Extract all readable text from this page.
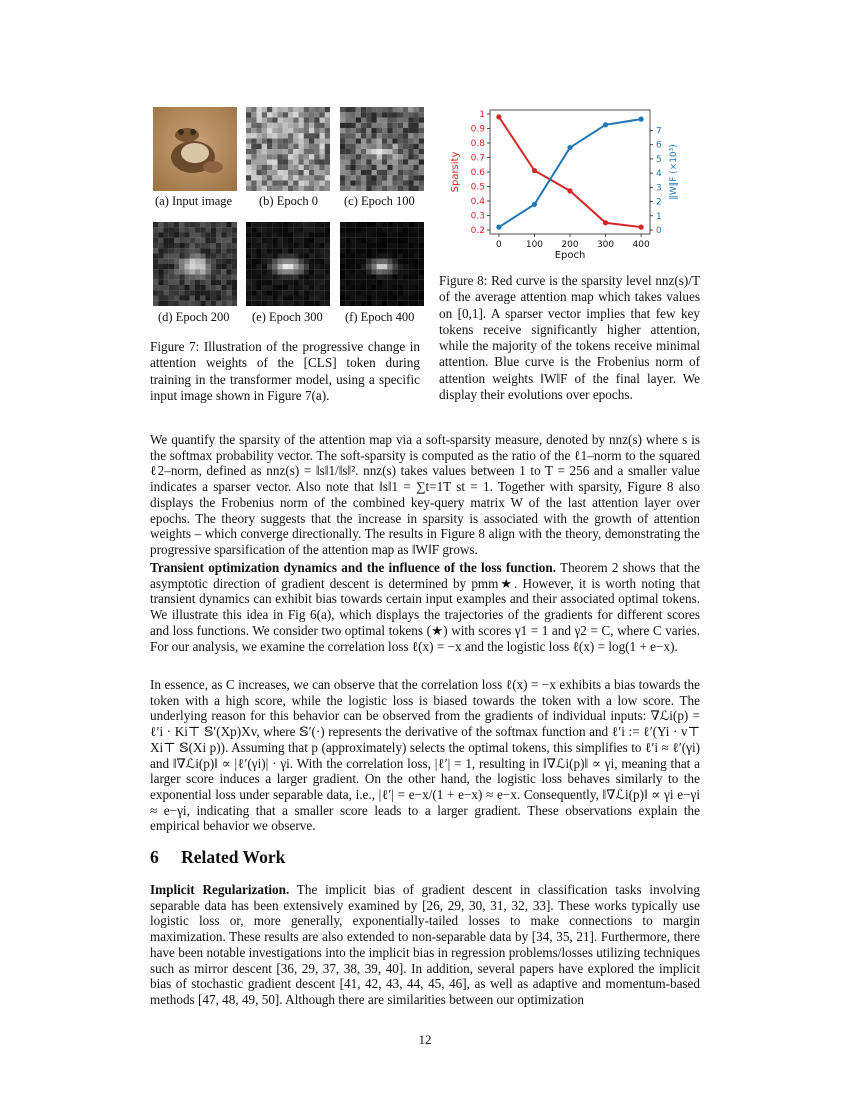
(a) Input image (b) Epoch 0 (c) Epoch 100
(d) Epoch 200 (e) Epoch 300 (f) Epoch 400
Figure 7: Illustration of the progressive change in attention weights of the [CLS] token during training in the transformer model, using a specific input image shown in Figure 7(a).
0	100 200 300 400
0.2
0.3
0.4
0.5
0.6
0.7
0.8
0.9
1
0
1
2
3
4
5
6
7
Sparsity	‖W‖F (×10³)
Epoch
Figure 8: Red curve is the sparsity level nnz(s)/T of the average attention map which takes values on [0,1]. A sparser vector implies that few key tokens receive significantly higher attention, while the majority of the tokens receive minimal attention. Blue curve is the Frobenius norm of attention weights ‖W‖F of the final layer. We display their evolutions over epochs.
We quantify the sparsity of the attention map via a soft-sparsity measure, denoted by nnz(s) where s is the softmax probability vector. The soft-sparsity is computed as the ratio of the ℓ1–norm to the squared ℓ2–norm, defined as nnz(s) = ‖s‖1/‖s‖². nnz(s) takes values between 1 to T = 256 and a smaller value indicates a sparser vector. Also note that ‖s‖1 = ∑t=1T st = 1. Together with sparsity, Figure 8 also displays the Frobenius norm of the combined key-query matrix W of the last attention layer over epochs. The theory suggests that the increase in sparsity is associated with the growth of attention weights – which converge directionally. The results in Figure 8 align with the theory, demonstrating the progressive sparsification of the attention map as ‖W‖F grows.
Transient optimization dynamics and the influence of the loss function. Theorem 2 shows that the asymptotic direction of gradient descent is determined by pmm★. However, it is worth noting that transient dynamics can exhibit bias towards certain input examples and their associated optimal tokens. We illustrate this idea in Fig 6(a), which displays the trajectories of the gradients for different scores and loss functions. We consider two optimal tokens (★) with scores γ1 = 1 and γ2 = C, where C varies. For our analysis, we examine the correlation loss ℓ(x) = −x and the logistic loss ℓ(x) = log(1 + e−x).
In essence, as C increases, we can observe that the correlation loss ℓ(x) = −x exhibits a bias towards the token with a high score, while the logistic loss is biased towards the token with a low score. The underlying reason for this behavior can be observed from the gradients of individual inputs: ∇ℒi(p) = ℓ′i · Ki⊤ 𝕊′(Xp)Xv, where 𝕊′(·) represents the derivative of the softmax function and ℓ′i := ℓ′(Yi · v⊤ Xi⊤ 𝕊(Xi p)). Assuming that p (approximately) selects the optimal tokens, this simplifies to ℓ′i ≈ ℓ′(γi) and ‖∇ℒi(p)‖ ∝ |ℓ′(γi)| · γi. With the correlation loss, |ℓ′| = 1, resulting in ‖∇ℒi(p)‖ ∝ γi, meaning that a larger score induces a larger gradient. On the other hand, the logistic loss behaves similarly to the exponential loss under separable data, i.e., |ℓ′| = e−x/(1 + e−x) ≈ e−x. Consequently, ‖∇ℒi(p)‖ ∝ γi e−γi ≈ e−γi, indicating that a smaller score leads to a larger gradient. These observations explain the empirical behavior we observe.
6 Related Work
Implicit Regularization. The implicit bias of gradient descent in classification tasks involving separable data has been extensively examined by [26, 29, 30, 31, 32, 33]. These works typically use logistic loss or, more generally, exponentially-tailed losses to make connections to margin maximization. These results are also extended to non-separable data by [34, 35, 21]. Furthermore, there have been notable investigations into the implicit bias in regression problems/losses utilizing techniques such as mirror descent [36, 29, 37, 38, 39, 40]. In addition, several papers have explored the implicit bias of stochastic gradient descent [41, 42, 43, 44, 45, 46], as well as adaptive and momentum-based methods [47, 48, 49, 50]. Although there are similarities between our optimization
12
